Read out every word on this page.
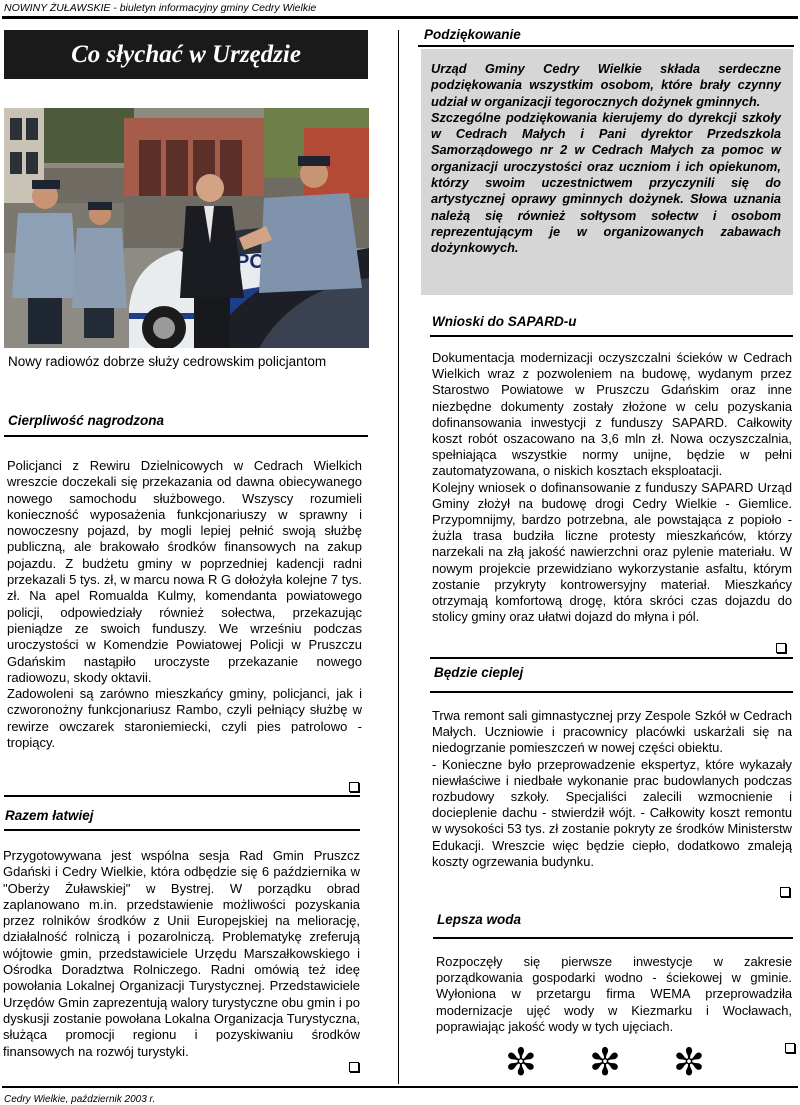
NOWINY ŻUŁAWSKIE - biuletyn informacyjny gminy Cedry Wielkie
Co słychać w Urzędzie
Nowy radiowóz dobrze służy cedrowskim policjantom
Cierpliwość nagrodzona

Policjanci z Rewiru Dzielnicowych w Cedrach Wielkich wreszcie doczekali się przekazania od dawna obiecywanego nowego samochodu służbowego. Wszyscy rozumieli konieczność wyposażenia funkcjonariuszy w sprawny i nowoczesny pojazd, by mogli lepiej pełnić swoją służbę publiczną, ale brakowało środków finansowych na zakup pojazdu. Z budżetu gminy w poprzedniej kadencji radni przekazali 5 tys. zł, w marcu nowa R G dołożyła kolejne 7 tys. zł. Na apel Romualda Kulmy, komendanta powiatowego policji, odpowiedziały również sołectwa, przekazując pieniądze ze swoich funduszy. We wrześniu podczas uroczystości w Komendzie Powiatowej Policji w Pruszczu Gdańskim nastąpiło uroczyste przekazanie nowego radiowozu, skody oktavii.

Zadowoleni są zarówno mieszkańcy gminy, policjanci, jak i czworonożny funkcjonariusz Rambo, czyli pełniący służbę w rewirze owczarek staroniemiecki, czyli pies patrolowo - tropiący.

Razem łatwiej

Przygotowywana jest wspólna sesja Rad Gmin Pruszcz Gdański i Cedry Wielkie, która odbędzie się 6 października w "Oberży Żuławskiej" w Bystrej. W porządku obrad zaplanowano m.in. przedstawienie możliwości pozyskania przez rolników środków z Unii Europejskiej na meliorację, działalność rolniczą i pozarolniczą. Problematykę zreferują wójtowie gmin, przedstawiciele Urzędu Marszałkowskiego i Ośrodka Doradztwa Rolniczego. Radni omówią też ideę powołania Lokalnej Organizacji Turystycznej. Przedstawiciele Urzędów Gmin zaprezentują walory turystyczne obu gmin i po dyskusji zostanie powołana Lokalna Organizacja Turystyczna, służąca promocji regionu i pozyskiwaniu środków finansowych na rozwój turystyki.

Podziękowanie

Urząd Gminy Cedry Wielkie składa serdeczne podziękowania wszystkim osobom, które brały czynny udział w organizacji tegorocznych dożynek gminnych.

Szczególne podziękowania kierujemy do dyrekcji szkoły w Cedrach Małych i Pani dyrektor Przedszkola Samorządowego nr 2 w Cedrach Małych za pomoc w organizacji uroczystości oraz uczniom i ich opiekunom, którzy swoim uczestnictwem przyczynili się do artystycznej oprawy gminnych dożynek. Słowa uznania należą się również sołtysom sołectw i osobom reprezentującym je w organizowanych zabawach dożynkowych.

Wnioski do SAPARD-u

Dokumentacja modernizacji oczyszczalni ścieków w Cedrach Wielkich wraz z pozwoleniem na budowę, wydanym przez Starostwo Powiatowe w Pruszczu Gdańskim oraz inne niezbędne dokumenty zostały złożone w celu pozyskania dofinansowania inwestycji z funduszy SAPARD. Całkowity koszt robót oszacowano na 3,6 mln zł. Nowa oczyszczalnia, spełniająca wszystkie normy unijne, będzie w pełni zautomatyzowana, o niskich kosztach eksploatacji.

Kolejny wniosek o dofinansowanie z funduszy SAPARD Urząd Gminy złożył na budowę drogi Cedry Wielkie - Giemlice. Przypomnijmy, bardzo potrzebna, ale powstająca z popioło - żużla trasa budziła liczne protesty mieszkańców, którzy narzekali na złą jakość nawierzchni oraz pylenie materiału. W nowym projekcie przewidziano wykorzystanie asfaltu, którym zostanie przykryty kontrowersyjny materiał. Mieszkańcy otrzymają komfortową drogę, która skróci czas dojazdu do stolicy gminy oraz ułatwi dojazd do młyna i pól.

Będzie cieplej

Trwa remont sali gimnastycznej przy Zespole Szkół w Cedrach Małych. Uczniowie i pracownicy placówki uskarżali się na niedogrzanie pomieszczeń w nowej części obiektu.

- Konieczne było przeprowadzenie ekspertyz, które wykazały niewłaściwe i niedbałe wykonanie prac budowlanych podczas rozbudowy szkoły. Specjaliści zalecili wzmocnienie i docieplenie dachu - stwierdził wójt. - Całkowity koszt remontu w wysokości 53 tys. zł zostanie pokryty ze środków Ministerstw Edukacji. Wreszcie więc będzie ciepło, dodatkowo zmaleją koszty ogrzewania budynku.

Lepsza woda

Rozpoczęły się pierwsze inwestycje w zakresie porządkowania gospodarki wodno - ściekowej w gminie. Wyłoniona w przetargu firma WEMA przeprowadziła modernizacje ujęć wody w Kiezmarku i Wocławach, poprawiając jakość wody w tych ujęciach.

✼ ✼ ✼
Cedry Wielkie, październik 2003 r.
